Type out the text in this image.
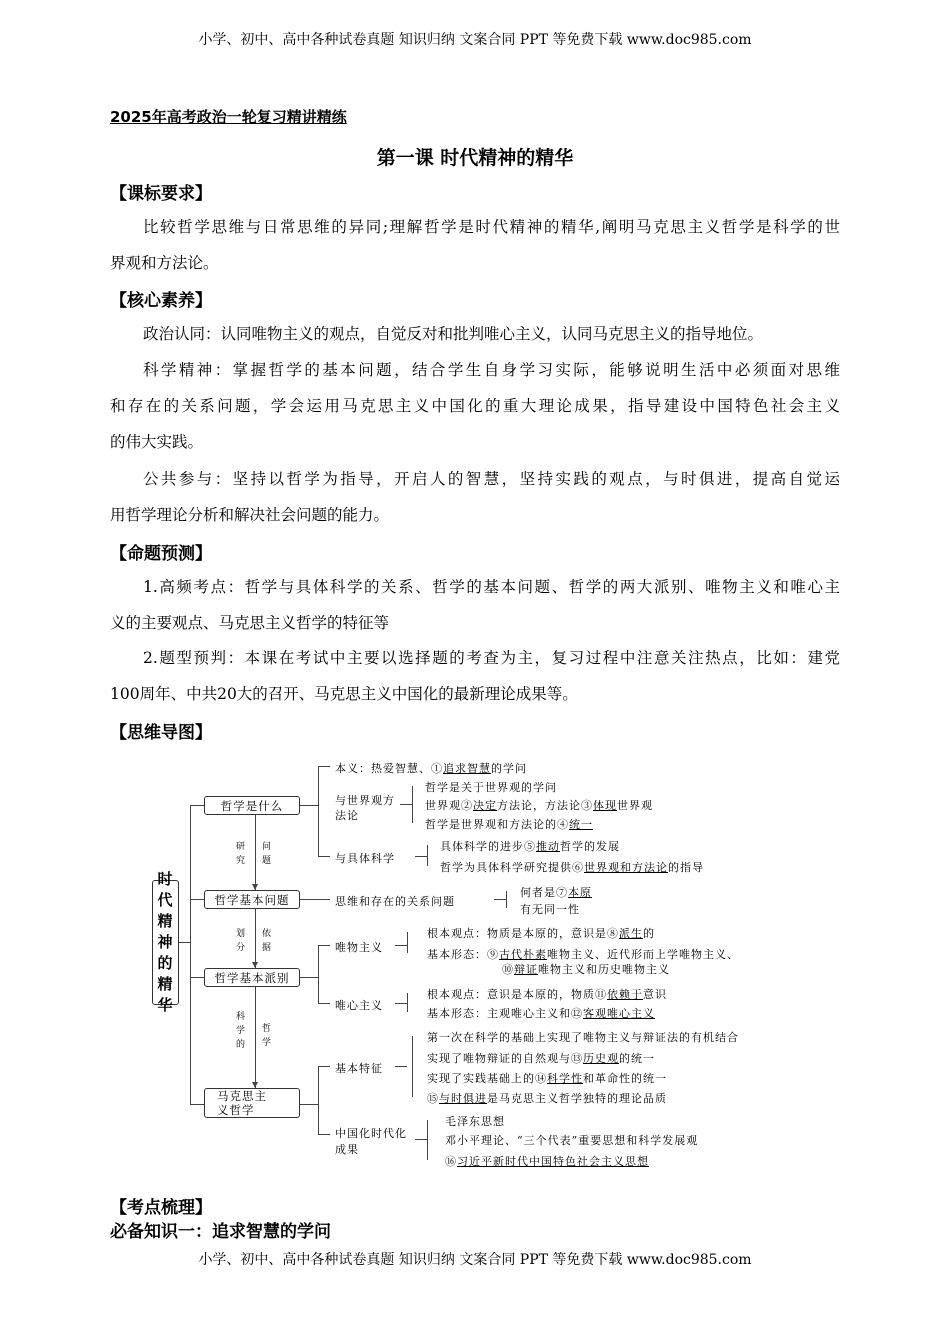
小学、初中、高中各种试卷真题 知识归纳 文案合同 PPT 等免费下载 www.doc985.com
2025年高考政治一轮复习精讲精练
第一课 时代精神的精华
【课标要求】
比较哲学思维与日常思维的异同;理解哲学是时代精神的精华,阐明马克思主义哲学是科学的世
界观和方法论。
政治认同：认同唯物主义的观点，自觉反对和批判唯心主义，认同马克思主义的指导地位。
科学精神：掌握哲学的基本问题，结合学生自身学习实际，能够说明生活中必须面对思维
和存在的关系问题，学会运用马克思主义中国化的重大理论成果，指导建设中国特色社会主义
的伟大实践。
公共参与：坚持以哲学为指导，开启人的智慧，坚持实践的观点，与时俱进，提高自觉运
用哲学理论分析和解决社会问题的能力。
1.高频考点：哲学与具体科学的关系、哲学的基本问题、哲学的两大派别、唯物主义和唯心主
义的主要观点、马克思主义哲学的特征等
2.题型预判：本课在考试中主要以选择题的考查为主，复习过程中注意关注热点，比如：建党
100周年、中共20大的召开、马克思主义中国化的最新理论成果等。
【核心素养】
【命题预测】
【思维导图】
时代精神的精华
哲学是什么
哲学基本问题
哲学基本派别
马克思主义哲学
研究
问题
划分
依据
科学的
哲学
本义：热爱智慧、①追求智慧的学问
与世界观方法论
与具体科学
思维和存在的关系问题
唯物主义
唯心主义
基本特征
中国化时代化成果
哲学是关于世界观的学问
世界观②决定方法论，方法论③体现世界观
哲学是世界观和方法论的④统一
具体科学的进步⑤推动哲学的发展
哲学为具体科学研究提供⑥世界观和方法论的指导
何者是⑦本原
有无同一性
根本观点：物质是本原的，意识是⑧派生的
基本形态：⑨古代朴素唯物主义、近代形而上学唯物主义、
⑩辩证唯物主义和历史唯物主义
根本观点：意识是本原的，物质⑪依赖于意识
基本形态：主观唯心主义和⑫客观唯心主义
第一次在科学的基础上实现了唯物主义与辩证法的有机结合
实现了唯物辩证的自然观与⑬历史观的统一
实现了实践基础上的⑭科学性和革命性的统一
⑮与时俱进是马克思主义哲学独特的理论品质
毛泽东思想
邓小平理论、“三个代表”重要思想和科学发展观
⑯习近平新时代中国特色社会主义思想
【考点梳理】
必备知识一：追求智慧的学问
小学、初中、高中各种试卷真题 知识归纳 文案合同 PPT 等免费下载 www.doc985.com
